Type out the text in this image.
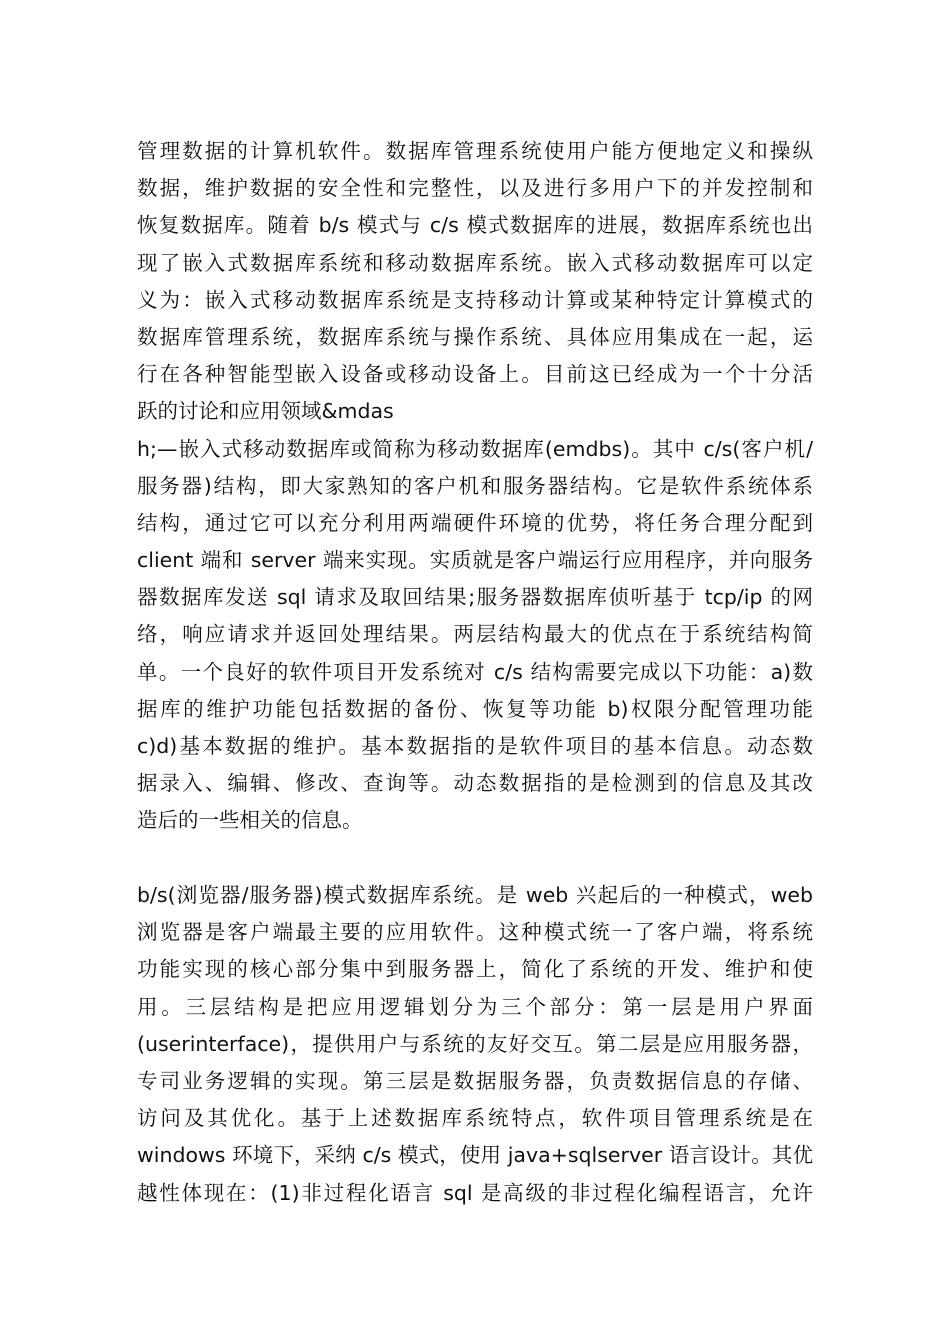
管理数据的计算机软件。数据库管理系统使用户能方便地定义和操纵
数据，维护数据的安全性和完整性，以及进行多用户下的并发控制和
恢复数据库。随着 b/s 模式与 c/s 模式数据库的进展，数据库系统也出
现了嵌入式数据库系统和移动数据库系统。嵌入式移动数据库可以定
义为：嵌入式移动数据库系统是支持移动计算或某种特定计算模式的
数据库管理系统，数据库系统与操作系统、具体应用集成在一起，运
行在各种智能型嵌入设备或移动设备上。目前这已经成为一个十分活
跃的讨论和应用领域&mdas
h;—嵌入式移动数据库或简称为移动数据库(emdbs)。其中 c/s(客户机/
服务器)结构，即大家熟知的客户机和服务器结构。它是软件系统体系
结构，通过它可以充分利用两端硬件环境的优势，将任务合理分配到
client 端和 server 端来实现。实质就是客户端运行应用程序，并向服务
器数据库发送 sql 请求及取回结果;服务器数据库侦听基于 tcp/ip 的网
络，响应请求并返回处理结果。两层结构最大的优点在于系统结构简
单。一个良好的软件项目开发系统对 c/s 结构需要完成以下功能：a)数
据库的维护功能包括数据的备份、恢复等功能 b)权限分配管理功能
c)d)基本数据的维护。基本数据指的是软件项目的基本信息。动态数
据录入、编辑、修改、查询等。动态数据指的是检测到的信息及其改
造后的一些相关的信息。
b/s(浏览器/服务器)模式数据库系统。是 web 兴起后的一种模式，web
浏览器是客户端最主要的应用软件。这种模式统一了客户端，将系统
功能实现的核心部分集中到服务器上，简化了系统的开发、维护和使
用。三层结构是把应用逻辑划分为三个部分：第一层是用户界面
(userinterface)，提供用户与系统的友好交互。第二层是应用服务器，
专司业务逻辑的实现。第三层是数据服务器，负责数据信息的存储、
访问及其优化。基于上述数据库系统特点，软件项目管理系统是在
windows 环境下，采纳 c/s 模式，使用 java+sqlserver 语言设计。其优
越性体现在：(1)非过程化语言 sql 是高级的非过程化编程语言，允许
